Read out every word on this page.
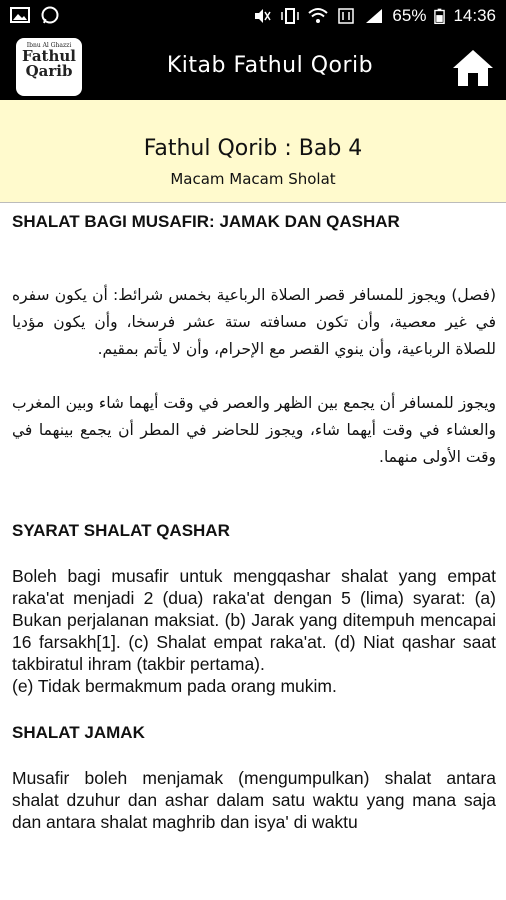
65% 14:36
Ibnu Al Ghazzi
Fathul
Qarib	Kitab Fathul Qorib
Fathul Qorib : Bab 4
Macam Macam Sholat

SHALAT BAGI MUSAFIR: JAMAK DAN QASHAR

(فصل) ويجوز للمسافر قصر الصلاة الرباعية بخمس شرائط: أن يكون سفره في غير معصية، وأن تكون مسافته ستة عشر فرسخا، وأن يكون مؤديا للصلاة الرباعية، وأن ينوي القصر مع الإحرام، وأن لا يأتم بمقيم.

ويجوز للمسافر أن يجمع بين الظهر والعصر في وقت أيهما شاء وبين المغرب والعشاء في وقت أيهما شاء، ويجوز للحاضر في المطر أن يجمع بينهما في وقت الأولى منهما.

SYARAT SHALAT QASHAR

Boleh bagi musafir untuk mengqashar shalat yang empat raka'at menjadi 2 (dua) raka'at dengan 5 (lima) syarat: (a) Bukan perjalanan maksiat. (b) Jarak yang ditempuh mencapai 16 farsakh[1]. (c) Shalat empat raka'at. (d) Niat qashar saat takbiratul ihram (takbir pertama).

(e) Tidak bermakmum pada orang mukim.

SHALAT JAMAK

Musafir boleh menjamak (mengumpulkan) shalat antara shalat dzuhur dan ashar dalam satu waktu yang mana saja dan antara shalat maghrib dan isya' di waktu
